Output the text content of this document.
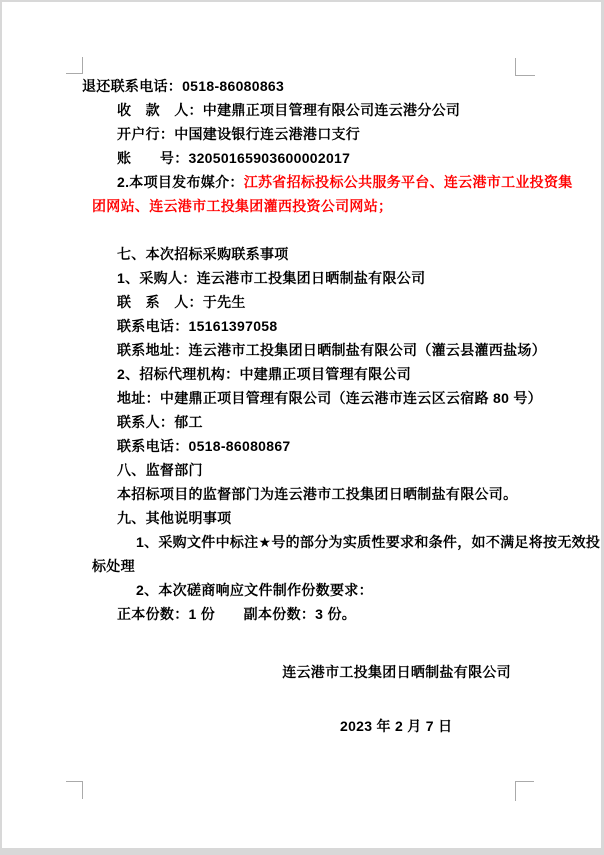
退还联系电话：0518-86080863
收　款　人：中建鼎正项目管理有限公司连云港分公司
开户行：中国建设银行连云港港口支行
账　　号：32050165903600002017
2.本项目发布媒介：江苏省招标投标公共服务平台、连云港市工业投资集
团网站、连云港市工投集团灌西投资公司网站；

七、本次招标采购联系事项
1、采购人：连云港市工投集团日晒制盐有限公司
联　系　人：于先生
联系电话：15161397058
联系地址：连云港市工投集团日晒制盐有限公司（灌云县灌西盐场）
2、招标代理机构：中建鼎正项目管理有限公司
地址：中建鼎正项目管理有限公司（连云港市连云区云宿路 80 号）
联系人：郁工
联系电话：0518-86080867
八、监督部门
本招标项目的监督部门为连云港市工投集团日晒制盐有限公司。
九、其他说明事项
1、采购文件中标注★号的部分为实质性要求和条件，如不满足将按无效投
标处理
2、本次磋商响应文件制作份数要求：
正本份数：1 份　　副本份数：3 份。

连云港市工投集团日晒制盐有限公司

2023 年 2 月 7 日
